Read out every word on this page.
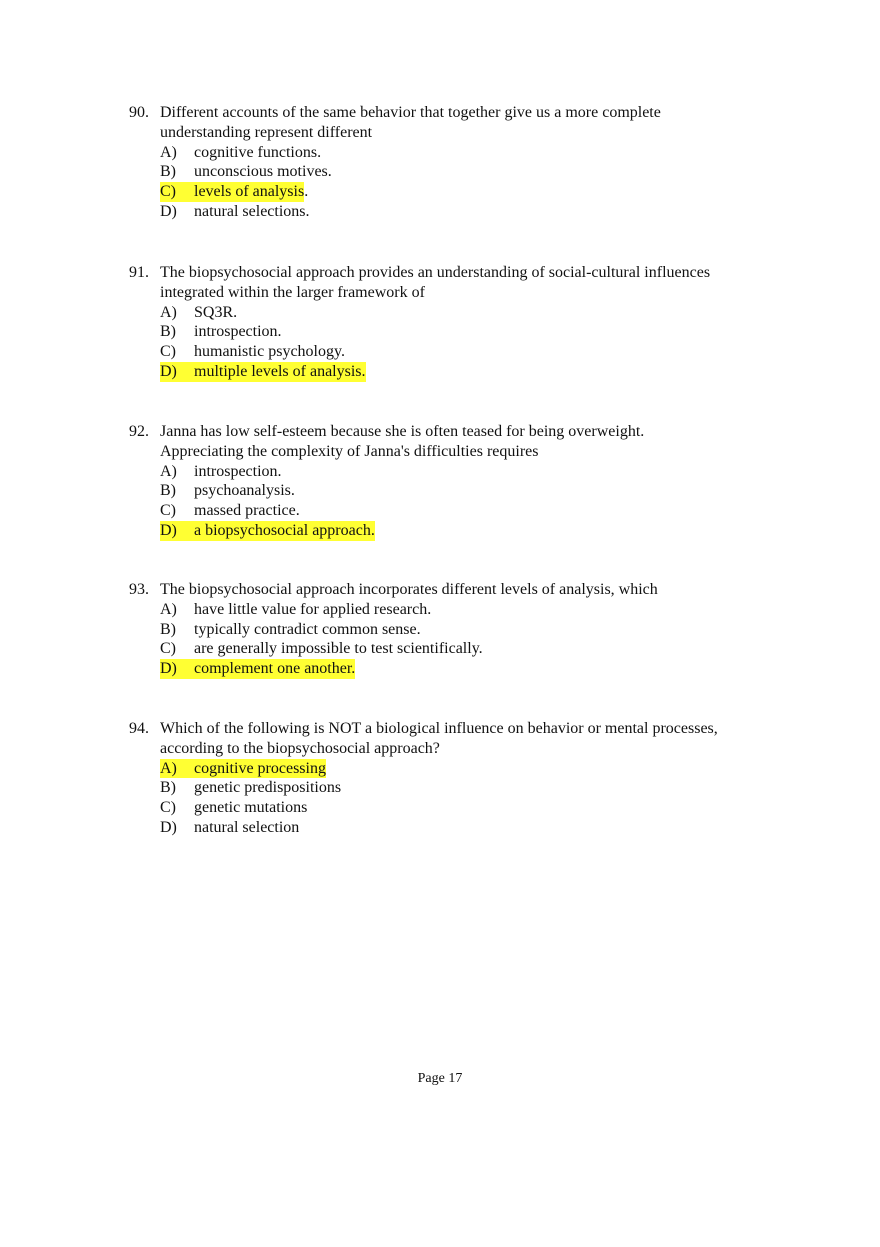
90. Different accounts of the same behavior that together give us a more complete
understanding represent different
A)	cognitive functions.
B)	unconscious motives.
C) levels of analysis .
D)	natural selections.
91. The biopsychosocial approach provides an understanding of social-cultural influences
integrated within the larger framework of
A)	SQ3R.
B)	introspection.
C)	humanistic psychology.
D) multiple levels of analysis.
92. Janna has low self-esteem because she is often teased for being overweight.
Appreciating the complexity of Janna's difficulties requires
A)	introspection.
B)	psychoanalysis.
C)	massed practice.
D) a biopsychosocial approach.
93. The biopsychosocial approach incorporates different levels of analysis, which
A)	have little value for applied research.
B)	typically contradict common sense.
C)	are generally impossible to test scientifically.
D) complement one another.
94. Which of the following is NOT a biological influence on behavior or mental processes,
according to the biopsychosocial approach?
A) cognitive processing
B)	genetic predispositions
C)	genetic mutations
D)	natural selection
Page 17
